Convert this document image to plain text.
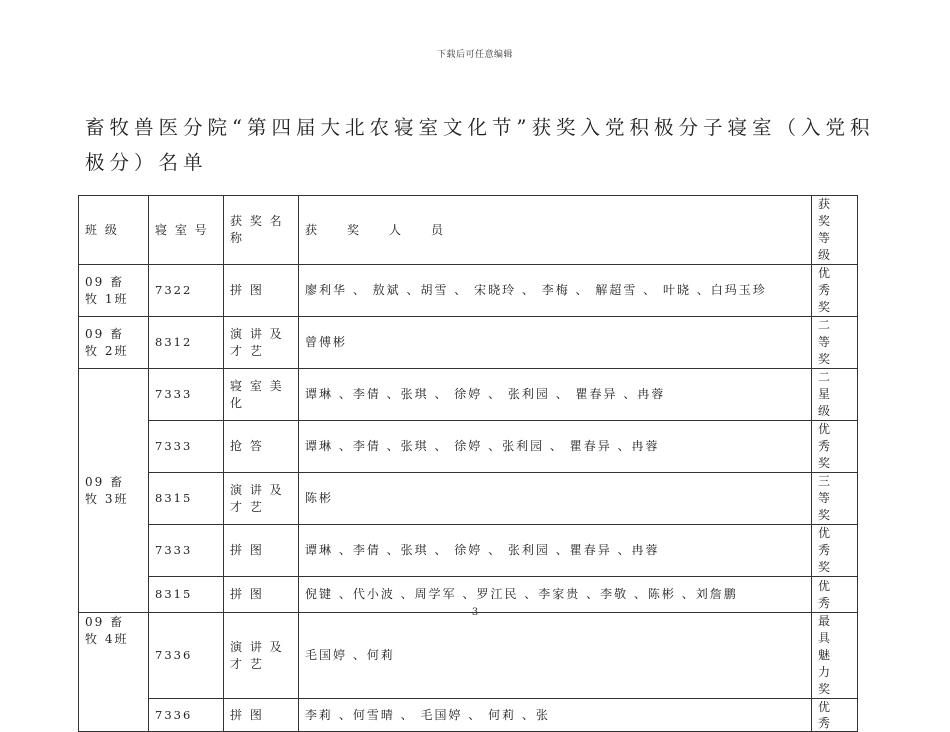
下载后可任意编辑
畜牧兽医分院“第四届大北农寝室文化节”获奖入党积极分子寝室（入党积极分）名单
班 级	寝 室 号	获 奖 名 称	获　　奖　　人　　员	获 奖 等 级
09 畜 牧 1班	7322	拼 图	廖利华 、 敖斌 、胡雪 、 宋晓玲 、 李梅 、 解超雪 、 叶晓 、白玛玉珍	优 秀 奖
09 畜 牧 2班	8312	演 讲 及 才 艺	曾傅彬	二 等 奖
09 畜 牧 3班	7333	寝 室 美 化	谭琳 、李倩 、张琪 、 徐婷 、 张利园 、 瞿春异 、冉蓉	二 星 级
	7333	抢 答	谭琳 、李倩 、张琪 、 徐婷 、张利园 、 瞿春异 、冉蓉	优 秀 奖
	8315	演 讲 及 才 艺	陈彬	三 等 奖
	7333	拼 图	谭琳 、李倩 、张琪 、 徐婷 、 张利园 、瞿春异 、冉蓉	优 秀 奖
	8315	拼 图	倪键 、代小波 、周学军 、罗江民 、李家贵 、李敬 、陈彬 、刘詹鹏	优 秀
09 畜 牧 4班	7336	演 讲 及 才 艺	毛国婷 、何莉	最 具 魅 力 奖
	7336	拼 图	李莉 、何雪晴 、 毛国婷 、 何莉 、张	优 秀
3
